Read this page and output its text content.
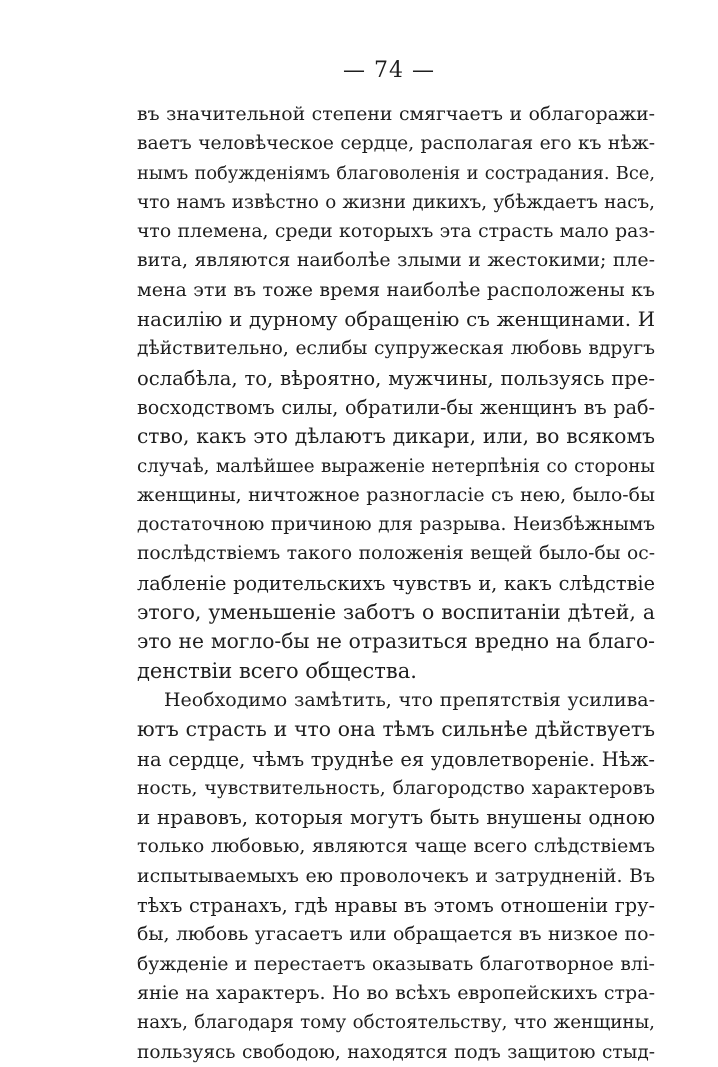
— 74 —
въ значительной степени смягчаетъ и облагоражи-
ваетъ человѣческое сердце, располагая его къ нѣж-
нымъ побужденіямъ благоволенія и сострадания. Все,
что намъ извѣстно о жизни дикихъ, убѣждаетъ насъ,
что племена, среди которыхъ эта страсть мало раз-
вита, являются наиболѣе злыми и жестокими; пле-
мена эти въ тоже время наиболѣе расположены къ
насилію и дурному обращенію съ женщинами. И
дѣйствительно, еслибы супружеская любовь вдругъ
ослабѣла, то, вѣроятно, мужчины, пользуясь пре-
восходствомъ силы, обратили-бы женщинъ въ раб-
ство, какъ это дѣлаютъ дикари, или, во всякомъ
случаѣ, малѣйшее выраженіе нетерпѣнія со стороны
женщины, ничтожное разногласіе съ нею, было-бы
достаточною причиною для разрыва. Неизбѣжнымъ
послѣдствіемъ такого положенія вещей было-бы ос-
лабленіе родительскихъ чувствъ и, какъ слѣдствіе
этого, уменьшеніе заботъ о воспитаніи дѣтей, а
это не могло-бы не отразиться вредно на благо-
денствіи всего общества.
Необходимо замѣтить, что препятствія усилива-
ютъ страсть и что она тѣмъ сильнѣе дѣйствуетъ
на сердце, чѣмъ труднѣе ея удовлетвореніе. Нѣж-
ность, чувствительность, благородство характеровъ
и нравовъ, которыя могутъ быть внушены одною
только любовью, являются чаще всего слѣдствіемъ
испытываемыхъ ею проволочекъ и затрудненій. Въ
тѣхъ странахъ, гдѣ нравы въ этомъ отношеніи гру-
бы, любовь угасаетъ или обращается въ низкое по-
бужденіе и перестаетъ оказывать благотворное влі-
яніе на характеръ. Но во всѣхъ европейскихъ стра-
нахъ, благодаря тому обстоятельству, что женщины,
пользуясь свободою, находятся подъ защитою стыд-
